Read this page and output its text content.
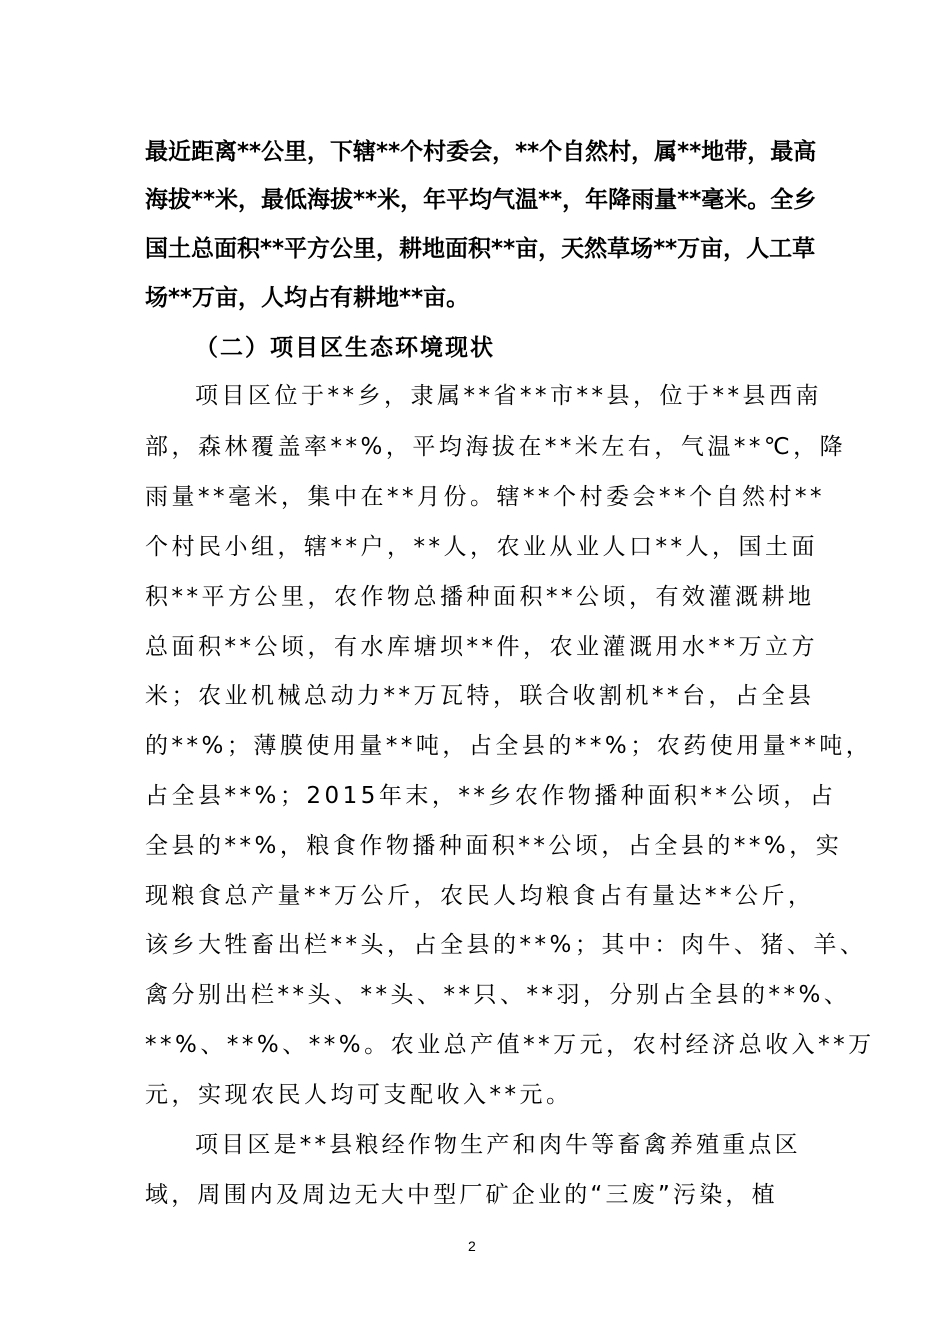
最近距离**公里，下辖**个村委会，**个自然村，属**地带，最高
海拔**米，最低海拔**米，年平均气温**，年降雨量**毫米。全乡
国土总面积**平方公里，耕地面积**亩，天然草场**万亩，人工草
场**万亩，人均占有耕地**亩。
（二）项目区生态环境现状
项目区位于**乡，隶属**省**市**县，位于**县西南
部，森林覆盖率**%，平均海拔在**米左右，气温**℃，降
雨量**毫米，集中在**月份。辖**个村委会**个自然村**
个村民小组，辖**户，**人，农业从业人口**人，国土面
积**平方公里，农作物总播种面积**公顷，有效灌溉耕地
总面积**公顷，有水库塘坝**件，农业灌溉用水**万立方
米；农业机械总动力**万瓦特，联合收割机**台，占全县
的**%；薄膜使用量**吨，占全县的**%；农药使用量**吨，
占全县**%；2015年末，**乡农作物播种面积**公顷，占
全县的**%，粮食作物播种面积**公顷，占全县的**%，实
现粮食总产量**万公斤，农民人均粮食占有量达**公斤，
该乡大牲畜出栏**头，占全县的**%；其中：肉牛、猪、羊、
禽分别出栏**头、**头、**只、**羽，分别占全县的**%、
**%、**%、**%。农业总产值**万元，农村经济总收入**万
元，实现农民人均可支配收入**元。
项目区是**县粮经作物生产和肉牛等畜禽养殖重点区
域，周围内及周边无大中型厂矿企业的“三废”污染，植
2
